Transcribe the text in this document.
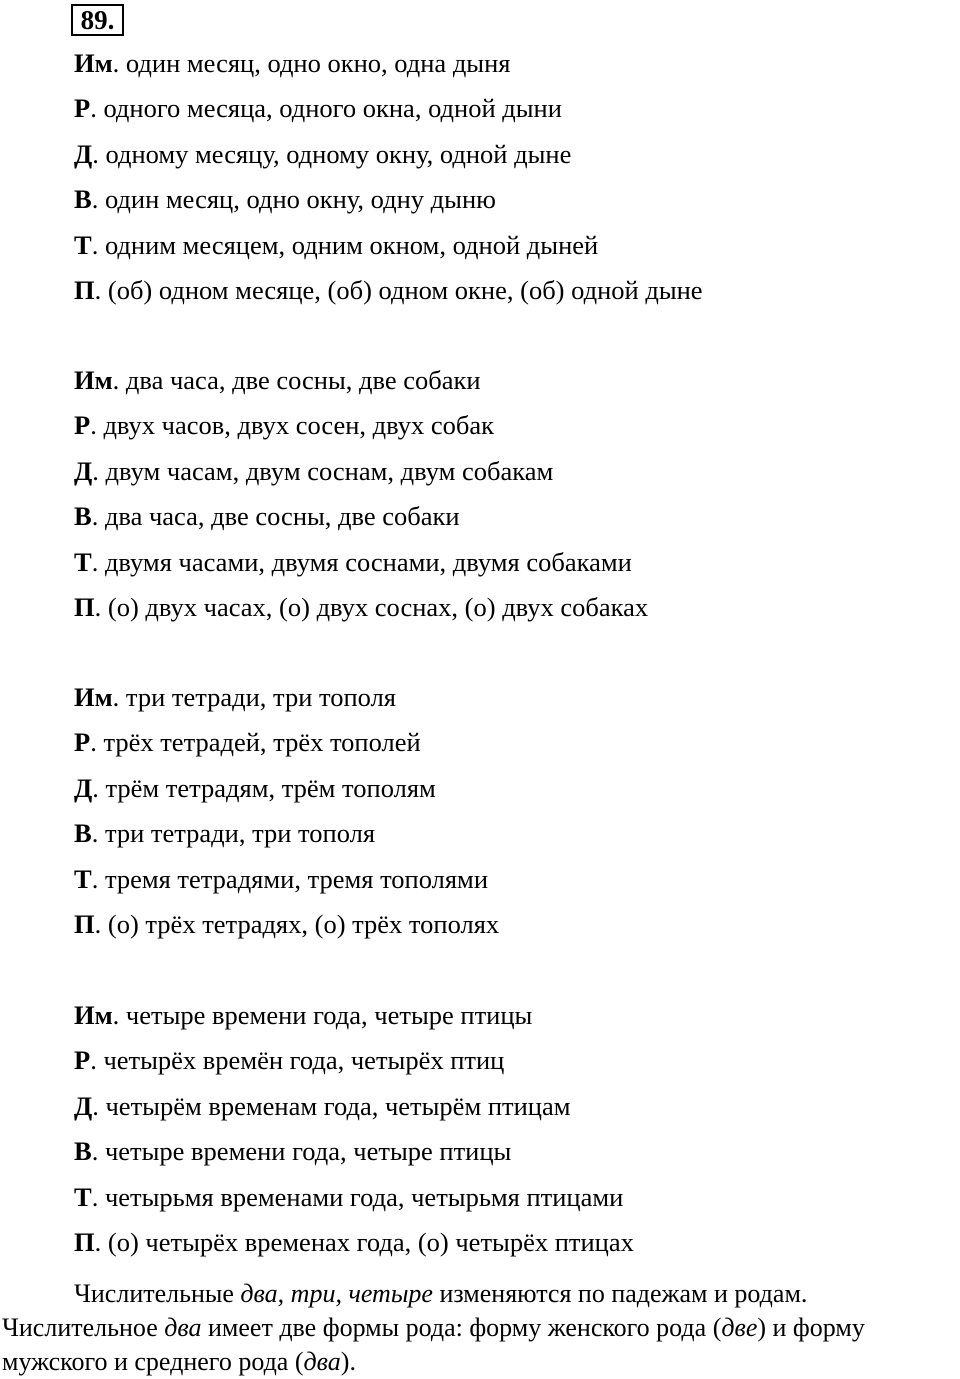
89.
Им. один месяц, одно окно, одна дыня
Р. одного месяца, одного окна, одной дыни
Д. одному месяцу, одному окну, одной дыне
В. один месяц, одно окну, одну дыню
Т. одним месяцем, одним окном, одной дыней
П. (об) одном месяце, (об) одном окне, (об) одной дыне
Им. два часа, две сосны, две собаки
Р. двух часов, двух сосен, двух собак
Д. двум часам, двум соснам, двум собакам
В. два часа, две сосны, две собаки
Т. двумя часами, двумя соснами, двумя собаками
П. (о) двух часах, (о) двух соснах, (о) двух собаках
Им. три тетради, три тополя
Р. трёх тетрадей, трёх тополей
Д. трём тетрадям, трём тополям
В. три тетради, три тополя
Т. тремя тетрадями, тремя тополями
П. (о) трёх тетрадях, (о) трёх тополях
Им. четыре времени года, четыре птицы
Р. четырёх времён года, четырёх птиц
Д. четырём временам года, четырём птицам
В. четыре времени года, четыре птицы
Т. четырьмя временами года, четырьмя птицами
П. (о) четырёх временах года, (о) четырёх птицах

Числительные два, три, четыре изменяются по падежам и родам.

Числительное два имеет две формы рода: форму женского рода (две) и форму

мужского и среднего рода (два).
